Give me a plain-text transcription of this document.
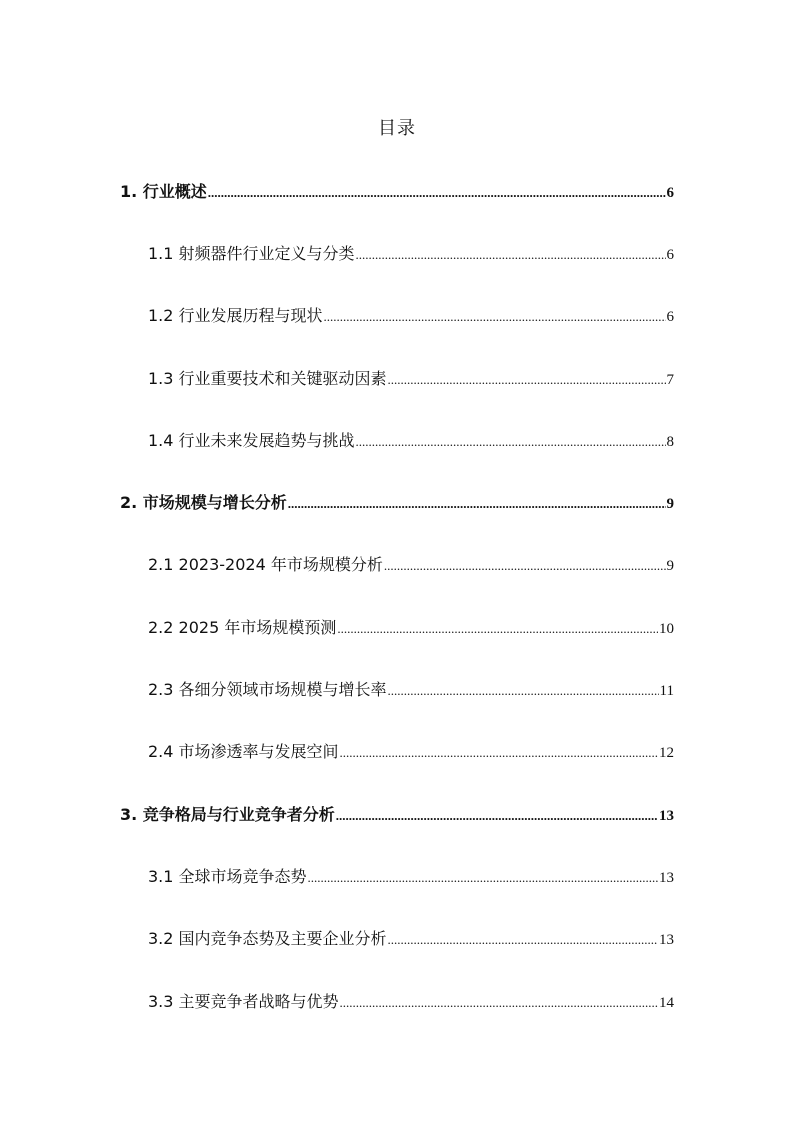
目录
1. 行业概述 .....	6
1.1 射频器件行业定义与分类 .....	6
1.2 行业发展历程与现状 .....	6
1.3 行业重要技术和关键驱动因素 .....	7
1.4 行业未来发展趋势与挑战 .....	8
2. 市场规模与增长分析 .....	9
2.1 2023-2024 年市场规模分析 .....	9
2.2 2025 年市场规模预测 .....	10
2.3 各细分领域市场规模与增长率 .....	11
2.4 市场渗透率与发展空间 .....	12
3. 竞争格局与行业竞争者分析 .....	13
3.1 全球市场竞争态势 .....	13
3.2 国内竞争态势及主要企业分析 .....	13
3.3 主要竞争者战略与优势 .....	14
